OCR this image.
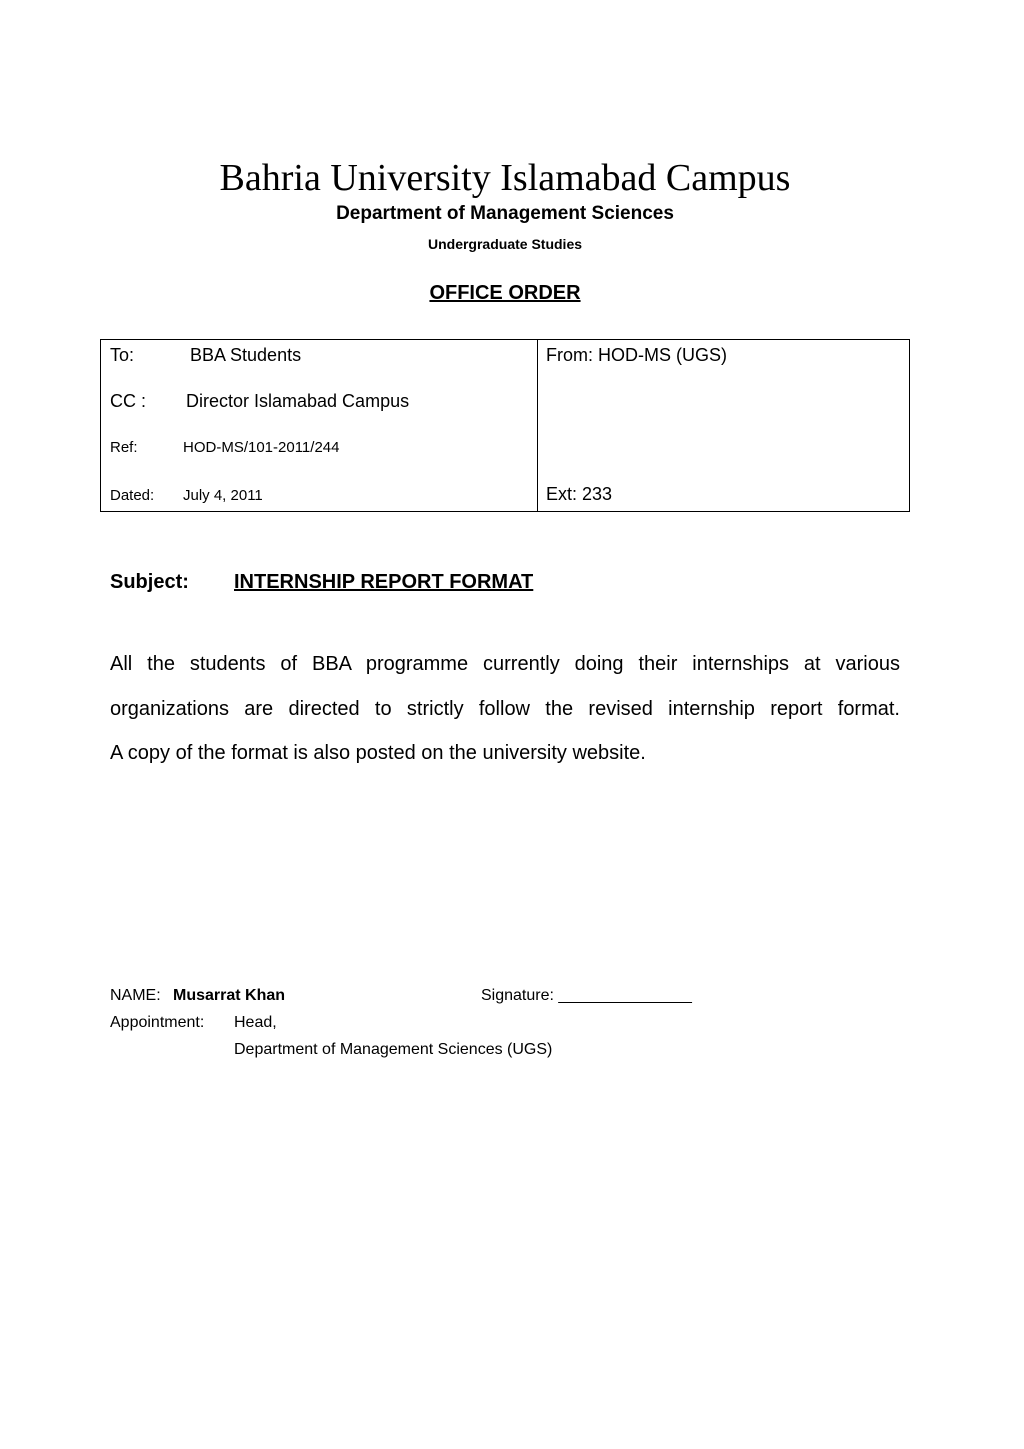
Bahria University Islamabad Campus
Department of Management Sciences
Undergraduate Studies
OFFICE ORDER
To:	BBA Students
CC : Director Islamabad Campus
Ref:	HOD-MS/101-2011/244
Dated: July 4, 2011
From: HOD-MS (UGS)
Ext: 233
Subject: INTERNSHIP REPORT FORMAT
All the students of BBA programme currently doing their internships at various
organizations are directed to strictly follow the revised internship report format.
A copy of the format is also posted on the university website.
NAME: Musarrat Khan	Signature: _______________
Appointment: Head,
Department of Management Sciences (UGS)
